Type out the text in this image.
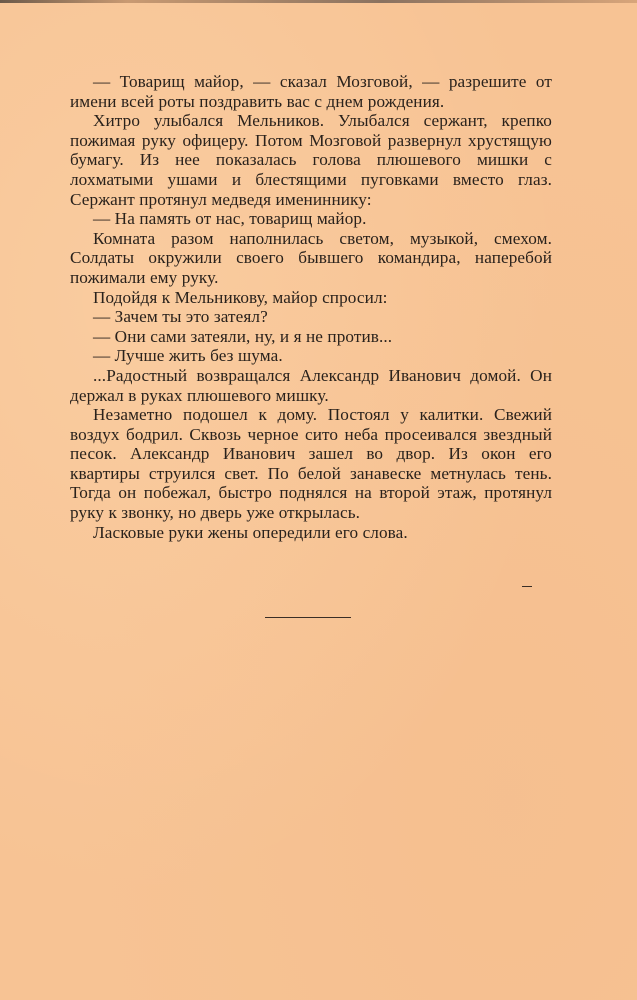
— Товарищ майор, — сказал Мозговой, — разрешите от имени всей роты поздравить вас с днем рождения.

Хитро улыбался Мельников. Улыбался сержант, крепко пожимая руку офицеру. Потом Мозговой развернул хрустящую бумагу. Из нее показалась голова плюшевого мишки с лохматыми ушами и блестящими пуговками вместо глаз. Сержант протянул медведя имениннику:

— На память от нас, товарищ майор.

Комната разом наполнилась светом, музыкой, смехом. Солдаты окружили своего бывшего командира, наперебой пожимали ему руку.

Подойдя к Мельникову, майор спросил:

— Зачем ты это затеял?

— Они сами затеяли, ну, и я не против...

— Лучше жить без шума.

...Радостный возвращался Александр Иванович домой. Он держал в руках плюшевого мишку.

Незаметно подошел к дому. Постоял у калитки. Свежий воздух бодрил. Сквозь черное сито неба просеивался звездный песок. Александр Иванович зашел во двор. Из окон его квартиры струился свет. По белой занавеске метнулась тень. Тогда он побежал, быстро поднялся на второй этаж, протянул руку к звонку, но дверь уже открылась.

Ласковые руки жены опередили его слова.
